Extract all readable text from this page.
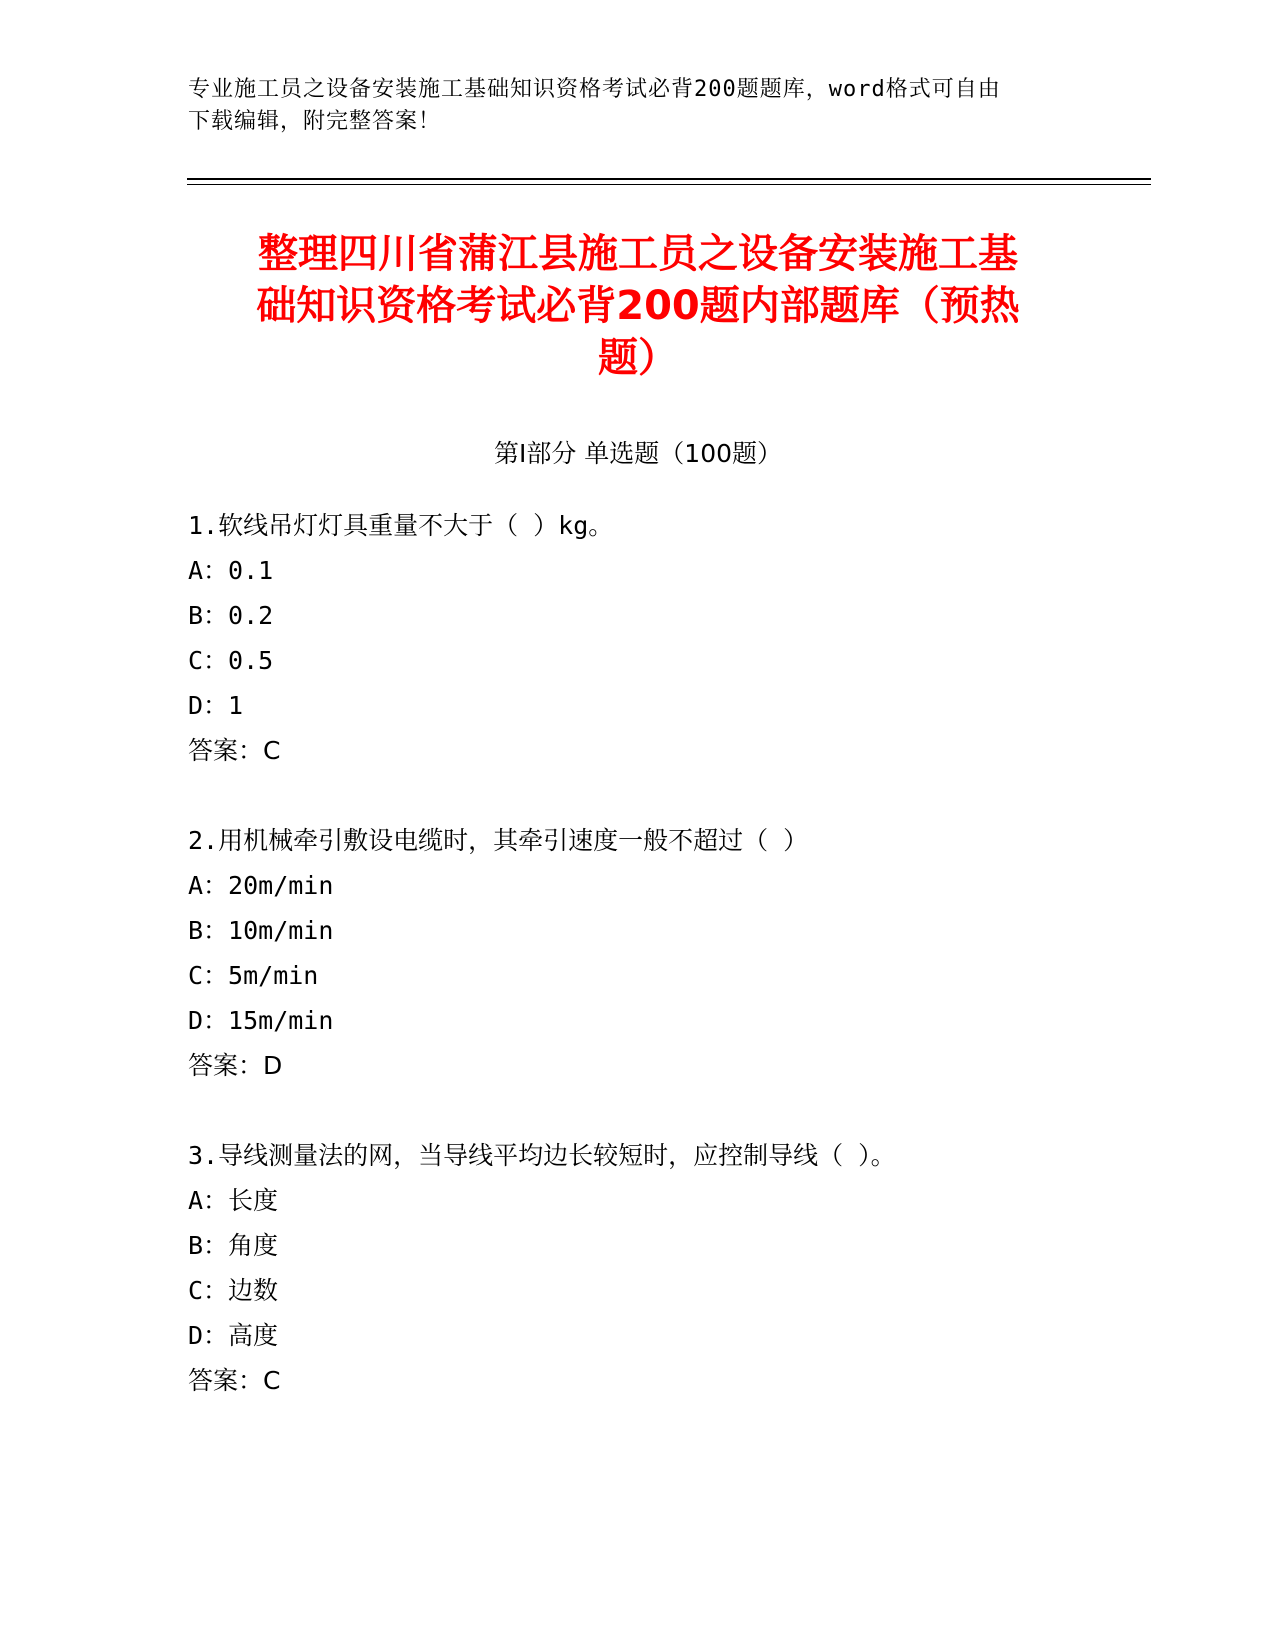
专业施工员之设备安装施工基础知识资格考试必背200题题库，word格式可自由
下载编辑，附完整答案！
整理四川省蒲江县施工员之设备安装施工基
础知识资格考试必背200题内部题库（预热
题）
第Ⅰ部分 单选题（100题）
1.软线吊灯灯具重量不大于（ ）kg。
A：0.1
B：0.2
C：0.5
D：1
答案：C
2.用机械牵引敷设电缆时，其牵引速度一般不超过（ ）
A：20m/min
B：10m/min
C：5m/min
D：15m/min
答案：D
3.导线测量法的网，当导线平均边长较短时，应控制导线（ ）。
A：长度
B：角度
C：边数
D：高度
答案：C
